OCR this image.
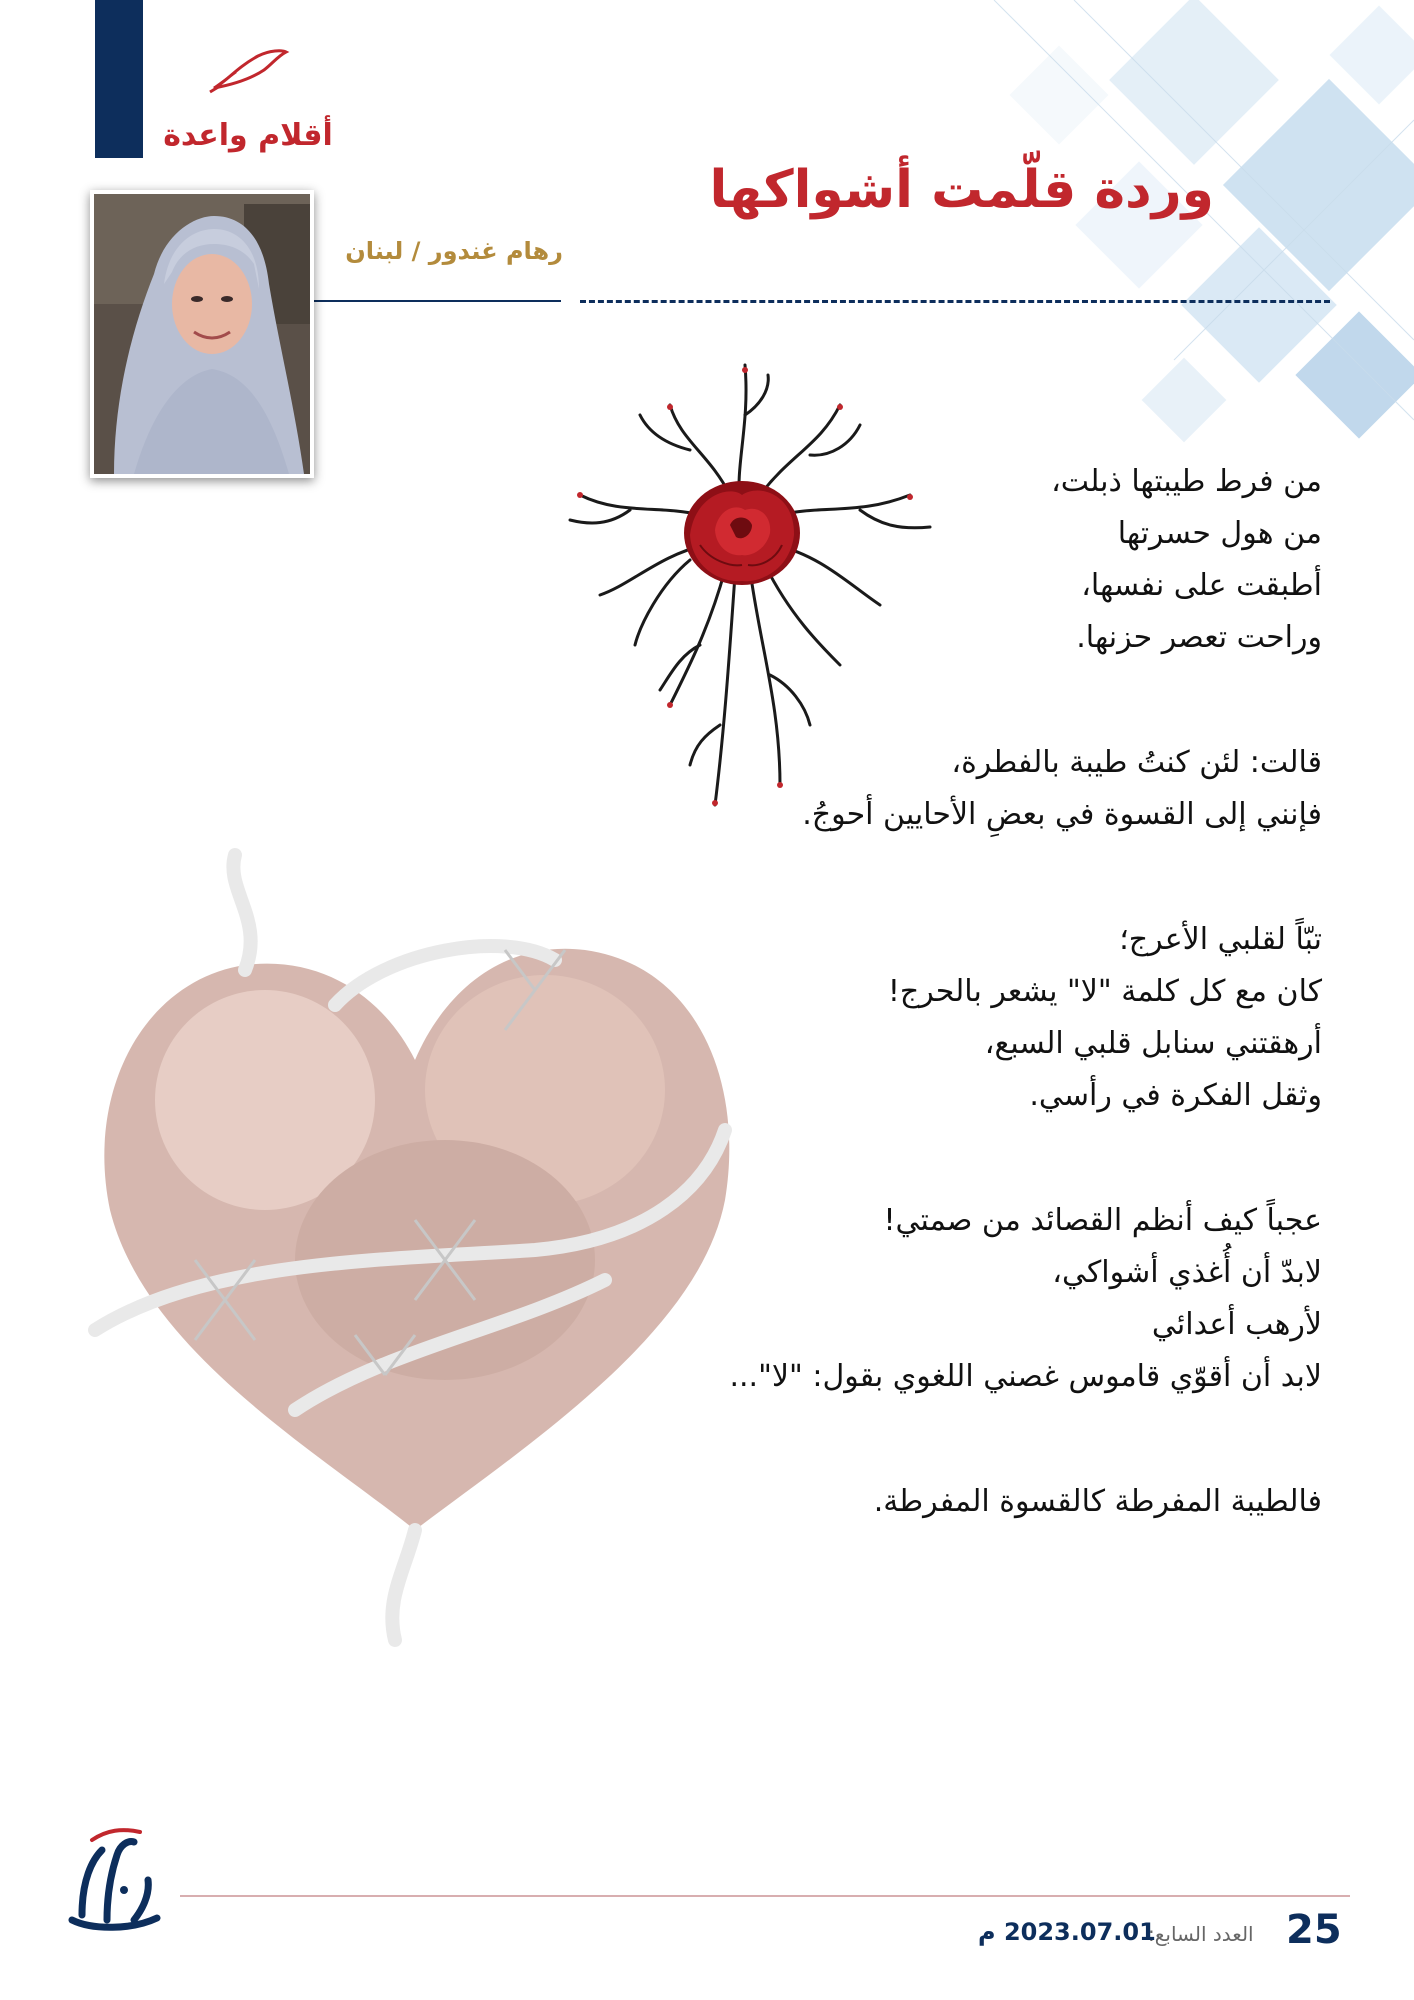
أقلام واعدة
وردة قلّمت أشواكها
رهام غندور / لبنان
من فرط طيبتها ذبلت،
من هول حسرتها
أطبقت على نفسها،
وراحت تعصر حزنها.
قالت: لئن كنتُ طيبة بالفطرة،
فإنني إلى القسوة في بعضِ الأحايين أحوجُ.
تبّاً لقلبي الأعرج؛
كان مع كل كلمة "لا" يشعر بالحرج!
أرهقتني سنابل قلبي السبع،
وثقل الفكرة في رأسي.
عجباً كيف أنظم القصائد من صمتي!
لابدّ أن أُغذي أشواكي،
لأرهب أعدائي
لابد أن أقوّي قاموس غصني اللغوي بقول: "لا"...
فالطيبة المفرطة كالقسوة المفرطة.
25
العدد السابع:
2023.07.01 م
